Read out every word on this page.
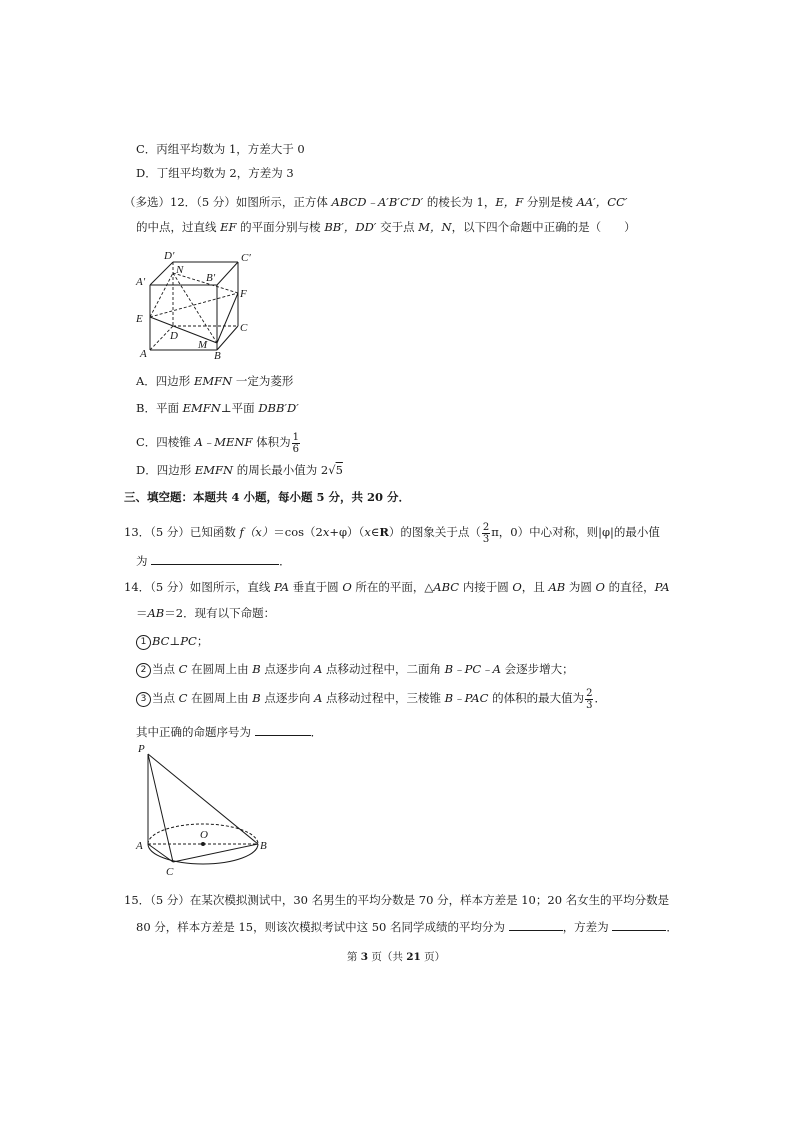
C．丙组平均数为 1，方差大于 0
D．丁组平均数为 2，方差为 3
（多选）12．（5 分）如图所示，正方体 ABCD﹣A′B′C′D′ 的棱长为 1，E，F 分别是棱 AA′，CC′
的中点，过直线 EF 的平面分别与棱 BB′，DD′ 交于点 M，N，以下四个命题中正确的是（　　）
D′	C′
A′
N
B′
F
E
D
C
A
M
B
A．四边形 EMFN 一定为菱形
B．平面 EMFN⊥平面 DBB′D′
C．四棱锥 A﹣MENF 体积为 $\frac{1}{6}$
D．四边形 EMFN 的周长最小值为 2√5
三、填空题：本题共 4 小题，每小题 5 分，共 20 分．
13．（5 分）已知函数 f（x）＝cos（2x+φ）（x∈R）的图象关于点（ $\frac{2}{3}$ π，0）中心对称，则|φ|的最小值
为	．
14．（5 分）如图所示，直线 PA 垂直于圆 O 所在的平面，△ABC 内接于圆 O，且 AB 为圆 O 的直径，PA
＝AB＝2．现有以下命题：
1 BC⊥PC；
2 当点 C 在圆周上由 B 点逐步向 A 点移动过程中，二面角 B﹣PC﹣A 会逐步增大；
3 当点 C 在圆周上由 B 点逐步向 A 点移动过程中，三棱锥 B﹣PAC 的体积的最大值为 $\frac{2}{3}$ ．
其中正确的命题序号为	．
P
O
A	B
C
15．（5 分）在某次模拟测试中，30 名男生的平均分数是 70 分，样本方差是 10；20 名女生的平均分数是
80 分，样本方差是 15，则该次模拟考试中这 50 名同学成绩的平均分为	，方差为	．
第 3 页（共 21 页）
